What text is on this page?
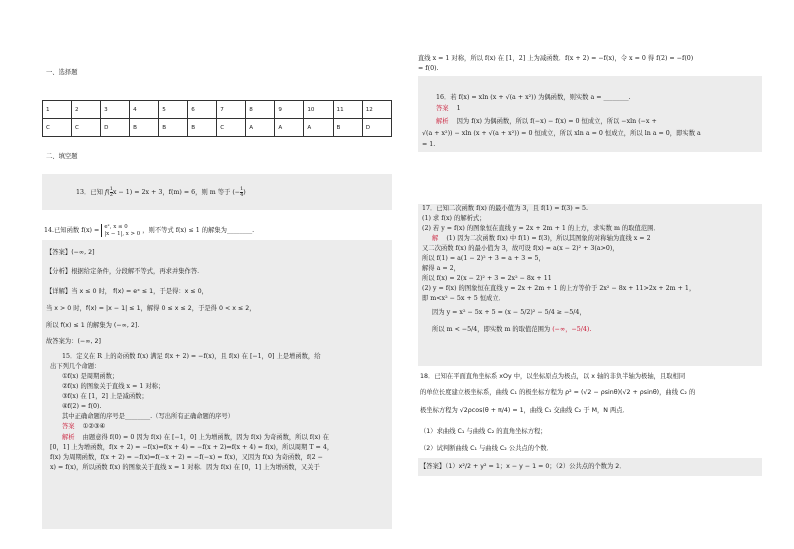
一、选择题
1	2	3	4	5	6	7	8	9	10	11	12
C	C	D	B	B	B	C	A	A	A	B	D
二、填空题
13．已知 $f( \frac{1}{2}$ x − 1) = 2x + 3，f(m) = 6，则 m 等于 (− $\frac{1}{4}$ )
14.已知函数 f(x) = eˣ, x ≤ 0
|x − 1|, x > 0 ，则不等式 f(x) ≤ 1 的解集为________.
【答案】(−∞, 2]
【分析】根据给定条件，分段解不等式，再求并集作答.
【详解】当 x ≤ 0 时， f(x) = eˣ ≤ 1，于是得：x ≤ 0，
当 x > 0 时，f(x) = |x − 1| ≤ 1，解得 0 ≤ x ≤ 2，于是得 0 < x ≤ 2，
所以 f(x) ≤ 1 的解集为 (−∞, 2].
故答案为：(−∞, 2]
15．定义在 R 上的奇函数 f(x) 满足 f(x + 2) = −f(x)，且 f(x) 在 [−1，0] 上是增函数，给
出下列几个命题：
①f(x) 是周期函数；
②f(x) 的图象关于直线 x = 1 对称；
③f(x) 在 [1，2] 上是减函数；
④f(2) = f(0).
其中正确命题的序号是________.（写出所有正确命题的序号）
答案 ①②③④
解析 由题意得 f(0) = 0 因为 f(x) 在 [−1，0] 上为增函数，因为 f(x) 为奇函数，所以 f(x) 在
[0，1] 上为增函数，f(x + 2) = −f(x)⇒f(x + 4) = −f(x + 2)⇒f(x + 4) = f(x)，所以周期 T = 4，
f(x) 为周期函数，f(x + 2) = −f(x)⇒f(−x + 2) = −f(−x) = f(x)，又因为 f(x) 为奇函数，f(2 −
x) = f(x)，所以函数 f(x) 的图象关于直线 x = 1 对称．因为 f(x) 在 [0，1] 上为增函数，又关于
直线 x = 1 对称，所以 f(x) 在 [1，2] 上为减函数．f(x + 2) = −f(x)，令 x = 0 得 f(2) = −f(0)
= f(0).
16．若 f(x) = xln (x + √(a + x²)) 为偶函数，则实数 a = ________.
答案 1
解析 因为 f(x) 为偶函数，所以 f(−x) − f(x) = 0 恒成立，所以 −xln (−x +
√(a + x²)) − xln (x + √(a + x²)) = 0 恒成立，所以 xln a = 0 恒成立，所以 ln a = 0，即实数 a
= 1.
17．已知二次函数 f(x) 的最小值为 3，且 f(1) = f(3) = 5.
(1) 求 f(x) 的解析式；
(2) 若 y = f(x) 的图象恒在直线 y = 2x + 2m + 1 的上方，求实数 m 的取值范围．
解 (1) 因为二次函数 f(x) 中 f(1) = f(3)，所以其图象的对称轴为直线 x = 2
又二次函数 f(x) 的最小值为 3，故可设 f(x) = a(x − 2)² + 3(a>0)，
所以 f(1) = a(1 − 2)² + 3 = a + 3 = 5，
解得 a = 2，
所以 f(x) = 2(x − 2)² + 3 = 2x² − 8x + 11
(2) y = f(x) 的图象恒在直线 y = 2x + 2m + 1 的上方等价于 2x² − 8x + 11>2x + 2m + 1，
即 m<x² − 5x + 5 恒成立．
因为 y = x² − 5x + 5 = (x − 5/2)² − 5/4 ≥ −5/4，
所以 m < −5/4，即实数 m 的取值范围为 (−∞，−5/4).
18．已知在平面直角坐标系 xOy 中，以坐标原点为极点，以 x 轴的非负半轴为极轴，且取相同
的单位长度建立极坐标系，曲线 C₁ 的极坐标方程为 ρ² = (√2 − ρsinθ)(√2 + ρsinθ)，曲线 C₂ 的
极坐标方程为 √2ρcos(θ + π/4) = 1，曲线 C₁ 交曲线 C₂ 于 M，N 两点．
（1）求曲线 C₁ 与曲线 C₂ 的直角坐标方程；
（2）试判断曲线 C₁ 与曲线 C₂ 公共点的个数．
【答案】（1）x²/2 + y² = 1；x − y − 1 = 0；（2）公共点的个数为 2．
